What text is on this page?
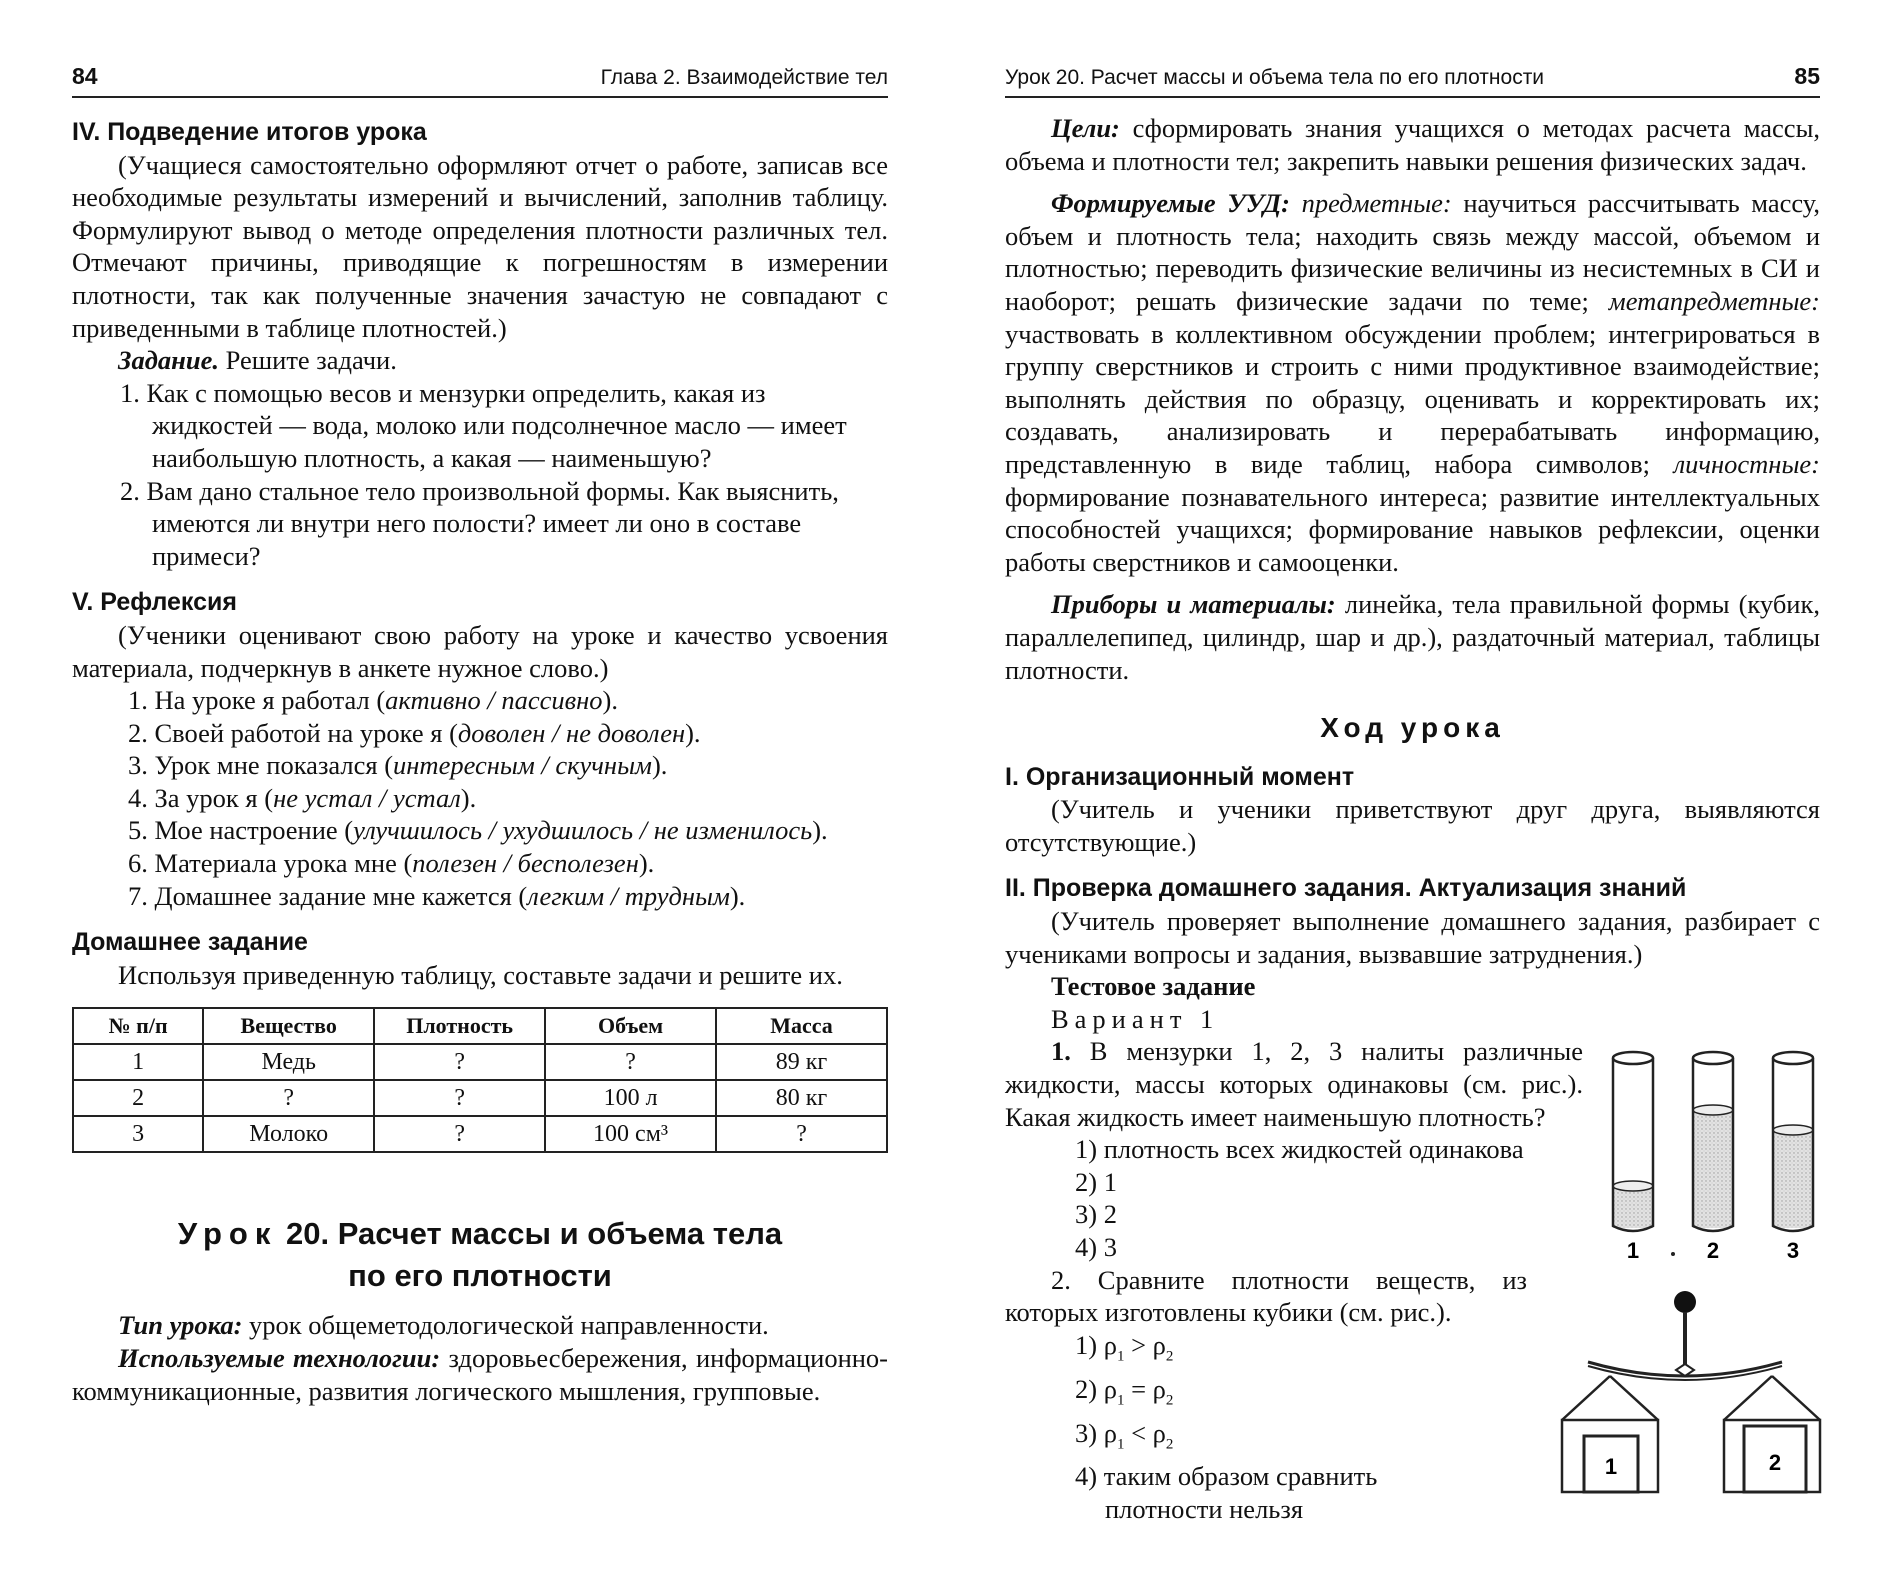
84	Глава 2. Взаимодействие тел
IV. Подведение итогов урока

(Учащиеся самостоятельно оформляют отчет о работе, записав все необходимые результаты измерений и вычислений, заполнив таблицу. Формулируют вывод о методе определения плотности различных тел. Отмечают причины, приводящие к погрешностям в измерении плотности, так как полученные значения зачастую не совпадают с приведенными в таблице плотностей.)

Задание. Решите задачи.

1. Как с помощью весов и мензурки определить, какая из жидкостей — вода, молоко или подсолнечное масло — имеет наибольшую плотность, а какая — наименьшую?

2. Вам дано стальное тело произвольной формы. Как выяснить, имеются ли внутри него полости? имеет ли оно в составе примеси?

V. Рефлексия

(Ученики оценивают свою работу на уроке и качество усвоения материала, подчеркнув в анкете нужное слово.)

1. На уроке я работал (активно / пассивно).

2. Своей работой на уроке я (доволен / не доволен).

3. Урок мне показался (интересным / скучным).

4. За урок я (не устал / устал).

5. Мое настроение (улучшилось / ухудшилось / не изменилось).

6. Материала урока мне (полезен / бесполезен).

7. Домашнее задание мне кажется (легким / трудным).

Домашнее задание

Используя приведенную таблицу, составьте задачи и решите их.

№ п/п	Вещество	Плотность	Объем	Масса
1	Медь	?	?	89 кг
2	?	?	100 л	80 кг
3	Молоко	?	100 см³	?
Урок 20. Расчет массы и объема тела
по его плотности

Тип урока: урок общеметодологической направленности.

Используемые технологии: здоровьесбережения, информационно-коммуникационные, развития логического мышления, групповые.

Урок 20. Расчет массы и объема тела по его плотности	85

Цели: сформировать знания учащихся о методах расчета массы, объема и плотности тел; закрепить навыки решения физических задач.

Формируемые УУД: предметные: научиться рассчитывать массу, объем и плотность тела; находить связь между массой, объемом и плотностью; переводить физические величины из несистемных в СИ и наоборот; решать физические задачи по теме; метапредметные: участвовать в коллективном обсуждении проблем; интегрироваться в группу сверстников и строить с ними продуктивное взаимодействие; выполнять действия по образцу, оценивать и корректировать их; создавать, анализировать и перерабатывать информацию, представленную в виде таблиц, набора символов; личностные: формирование познавательного интереса; развитие интеллектуальных способностей учащихся; формирование навыков рефлексии, оценки работы сверстников и самооценки.

Приборы и материалы: линейка, тела правильной формы (кубик, параллелепипед, цилиндр, шар и др.), раздаточный материал, таблицы плотности.

Ход урока
I. Организационный момент

(Учитель и ученики приветствуют друг друга, выявляются отсутствующие.)

II. Проверка домашнего задания. Актуализация знаний

(Учитель проверяет выполнение домашнего задания, разбирает с учениками вопросы и задания, вызвавшие затруднения.)

Тестовое задание

Вариант 1

1. В мензурки 1, 2, 3 налиты различные жидкости, массы которых одинаковы (см. рис.). Какая жидкость имеет наименьшую плотность?

1) плотность всех жидкостей одинакова

2) 1

3) 2

4) 3

2. Сравните плотности веществ, из которых изготовлены кубики (см. рис.).

1) $\rho_1 > \rho_2$

2) $\rho_1 = \rho_2$

3) $\rho_1 < \rho_2$

4) таким образом сравнить

плотности нельзя

1	2	3
1	2
